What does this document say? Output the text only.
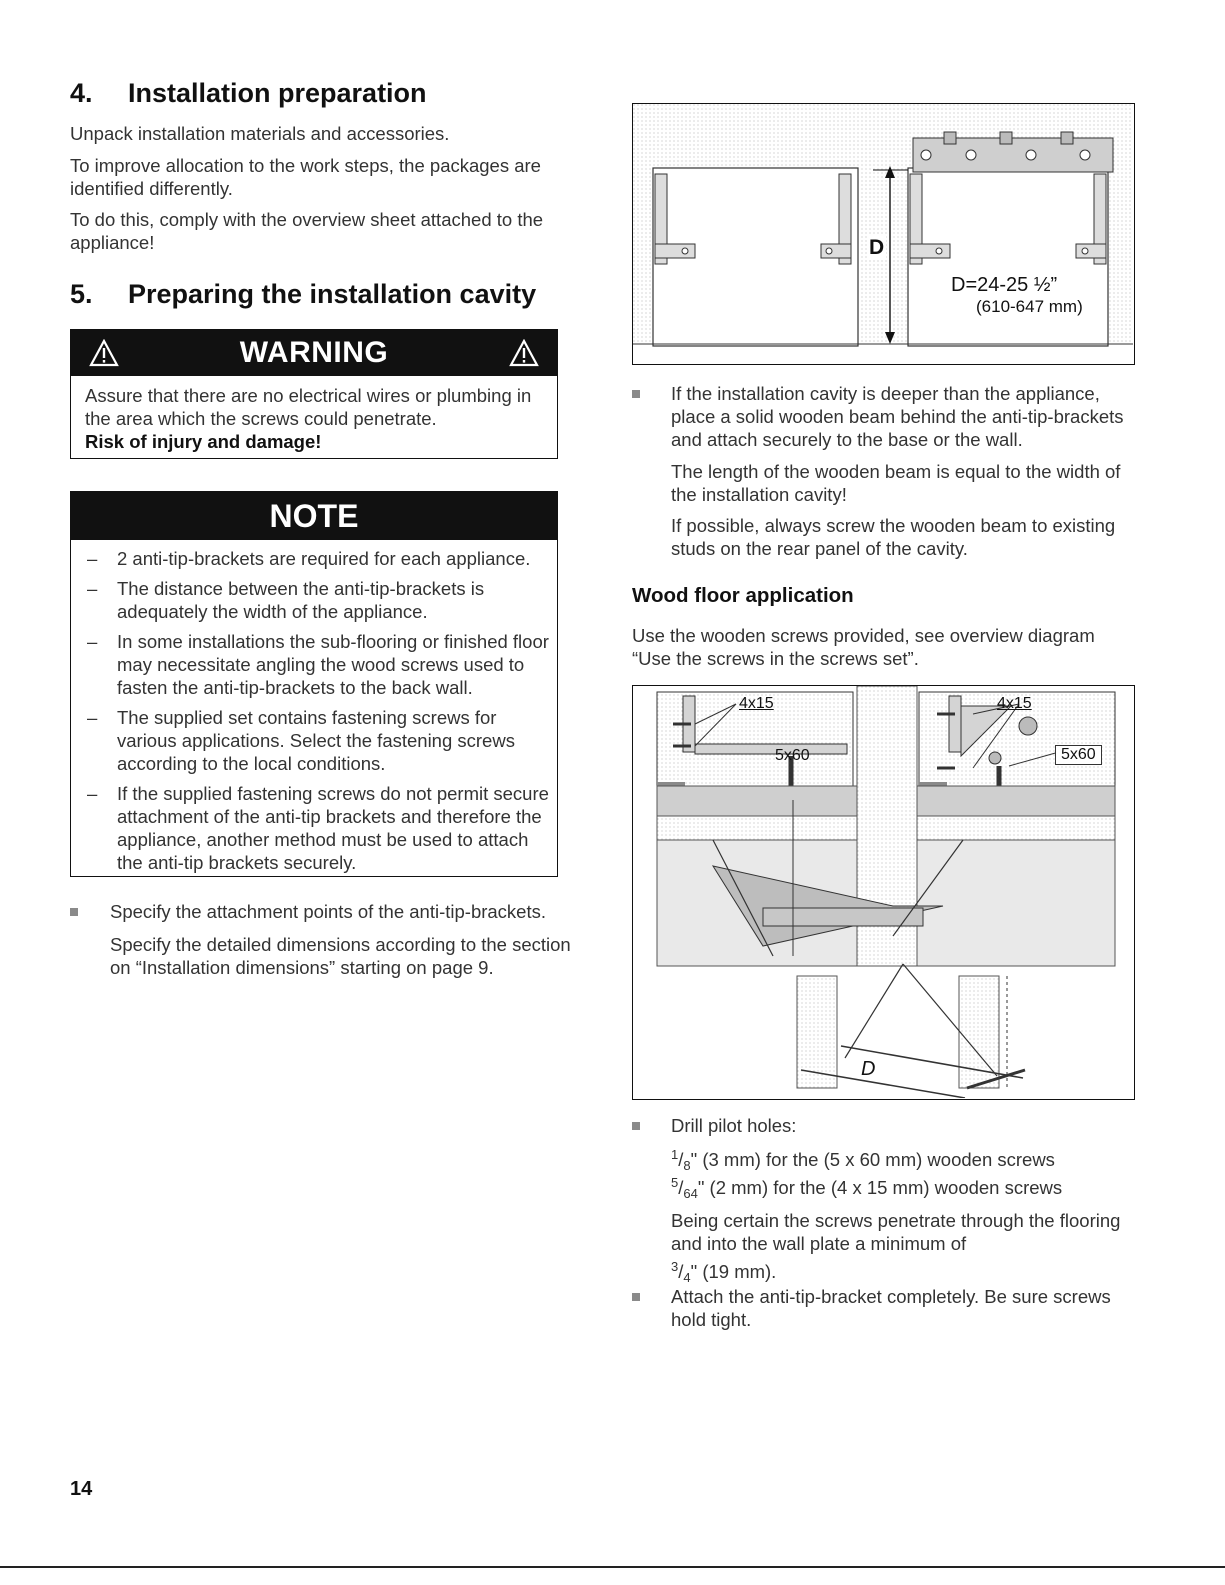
4. Installation preparation

Unpack installation materials and accessories.

To improve allocation to the work steps, the packages are identified differently.

To do this, comply with the overview sheet attached to the appliance!

5. Preparing the installation cavity
WARNING

Assure that there are no electrical wires or plumbing in the area which the screws could penetrate.

Risk of injury and damage!

NOTE
– 2 anti-tip-brackets are required for each appliance.
– The distance between the anti-tip-brackets is adequately the width of the appliance.
– In some installations the sub-flooring or finished floor may necessitate angling the wood screws used to fasten the anti-tip-brackets to the back wall.
– The supplied set contains fastening screws for various applications. Select the fastening screws according to the local conditions.
– If the supplied fastening screws do not permit secure attachment of the anti-tip brackets and therefore the appliance, another method must be used to attach the anti-tip brackets securely.

Specify the attachment points of the anti-tip-brackets.

Specify the detailed dimensions according to the section on “Installation dimensions” starting on page 9.

14
D
D=24-25 ½”
(610-647 mm)

If the installation cavity is deeper than the appliance, place a solid wooden beam behind the anti-tip-brackets and attach securely to the base or the wall.

The length of the wooden beam is equal to the width of the installation cavity!

If possible, always screw the wooden beam to existing studs on the rear panel of the cavity.

Wood floor application

Use the wooden screws provided, see overview diagram “Use the screws in the screws set”.

4x15
5x60
4x15
5x60
D

Drill pilot holes:

$^1/_8$" (3 mm) for the (5 x 60 mm) wooden screws

$^5/_{64}$" (2 mm) for the (4 x 15 mm) wooden screws

Being certain the screws penetrate through the flooring and into the wall plate a minimum of
$^3/_4$" (19 mm).

Attach the anti-tip-bracket completely. Be sure screws hold tight.
